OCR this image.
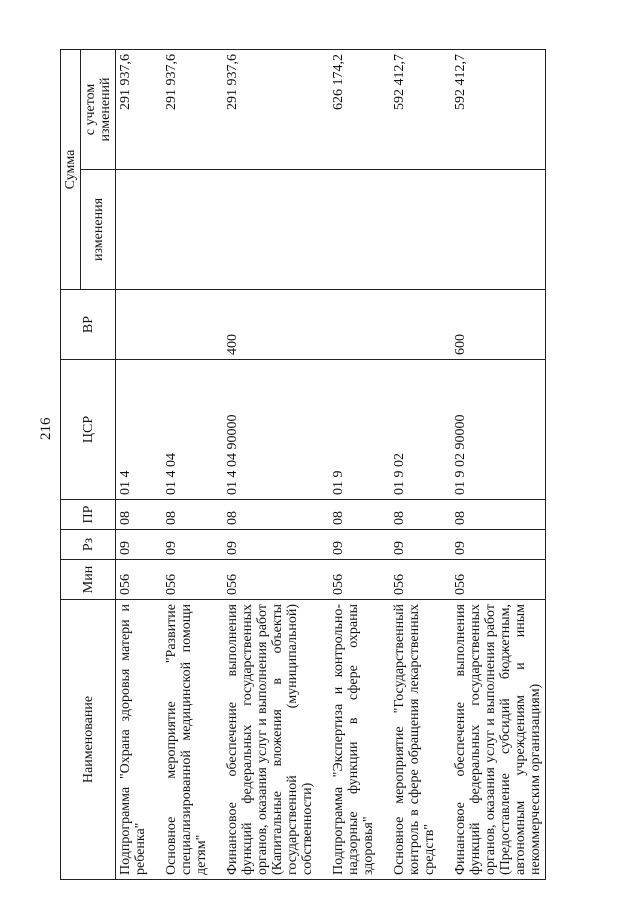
216
Наименование	Мин	Рз	ПР	ЦСР	ВР	Сумма	
						изменения	с учетом изменений
Подпрограмма "Охрана здоровья матери и ребенка"	056	09	08	01 4			291 937,6

Основное мероприятие "Развитие специализированной медицинской помощи детям"	056	09	08	01 4 04			291 937,6

Финансовое обеспечение выполнения функций федеральных государственных органов, оказания услуг и выполнения работ (Капитальные вложения в объекты государственной (муниципальной) собственности)	056	09	08	01 4 04 90000	400		291 937,6

Подпрограмма "Экспертиза и контрольно-надзорные функции в сфере охраны здоровья"	056	09	08	01 9			626 174,2

Основное мероприятие "Государственный контроль в сфере обращения лекарственных средств"	056	09	08	01 9 02			592 412,7

Финансовое обеспечение выполнения функций федеральных государственных органов, оказания услуг и выполнения работ (Предоставление субсидий бюджетным, автономным учреждениям и иным некоммерческим организациям)	056	09	08	01 9 02 90000	600		592 412,7
